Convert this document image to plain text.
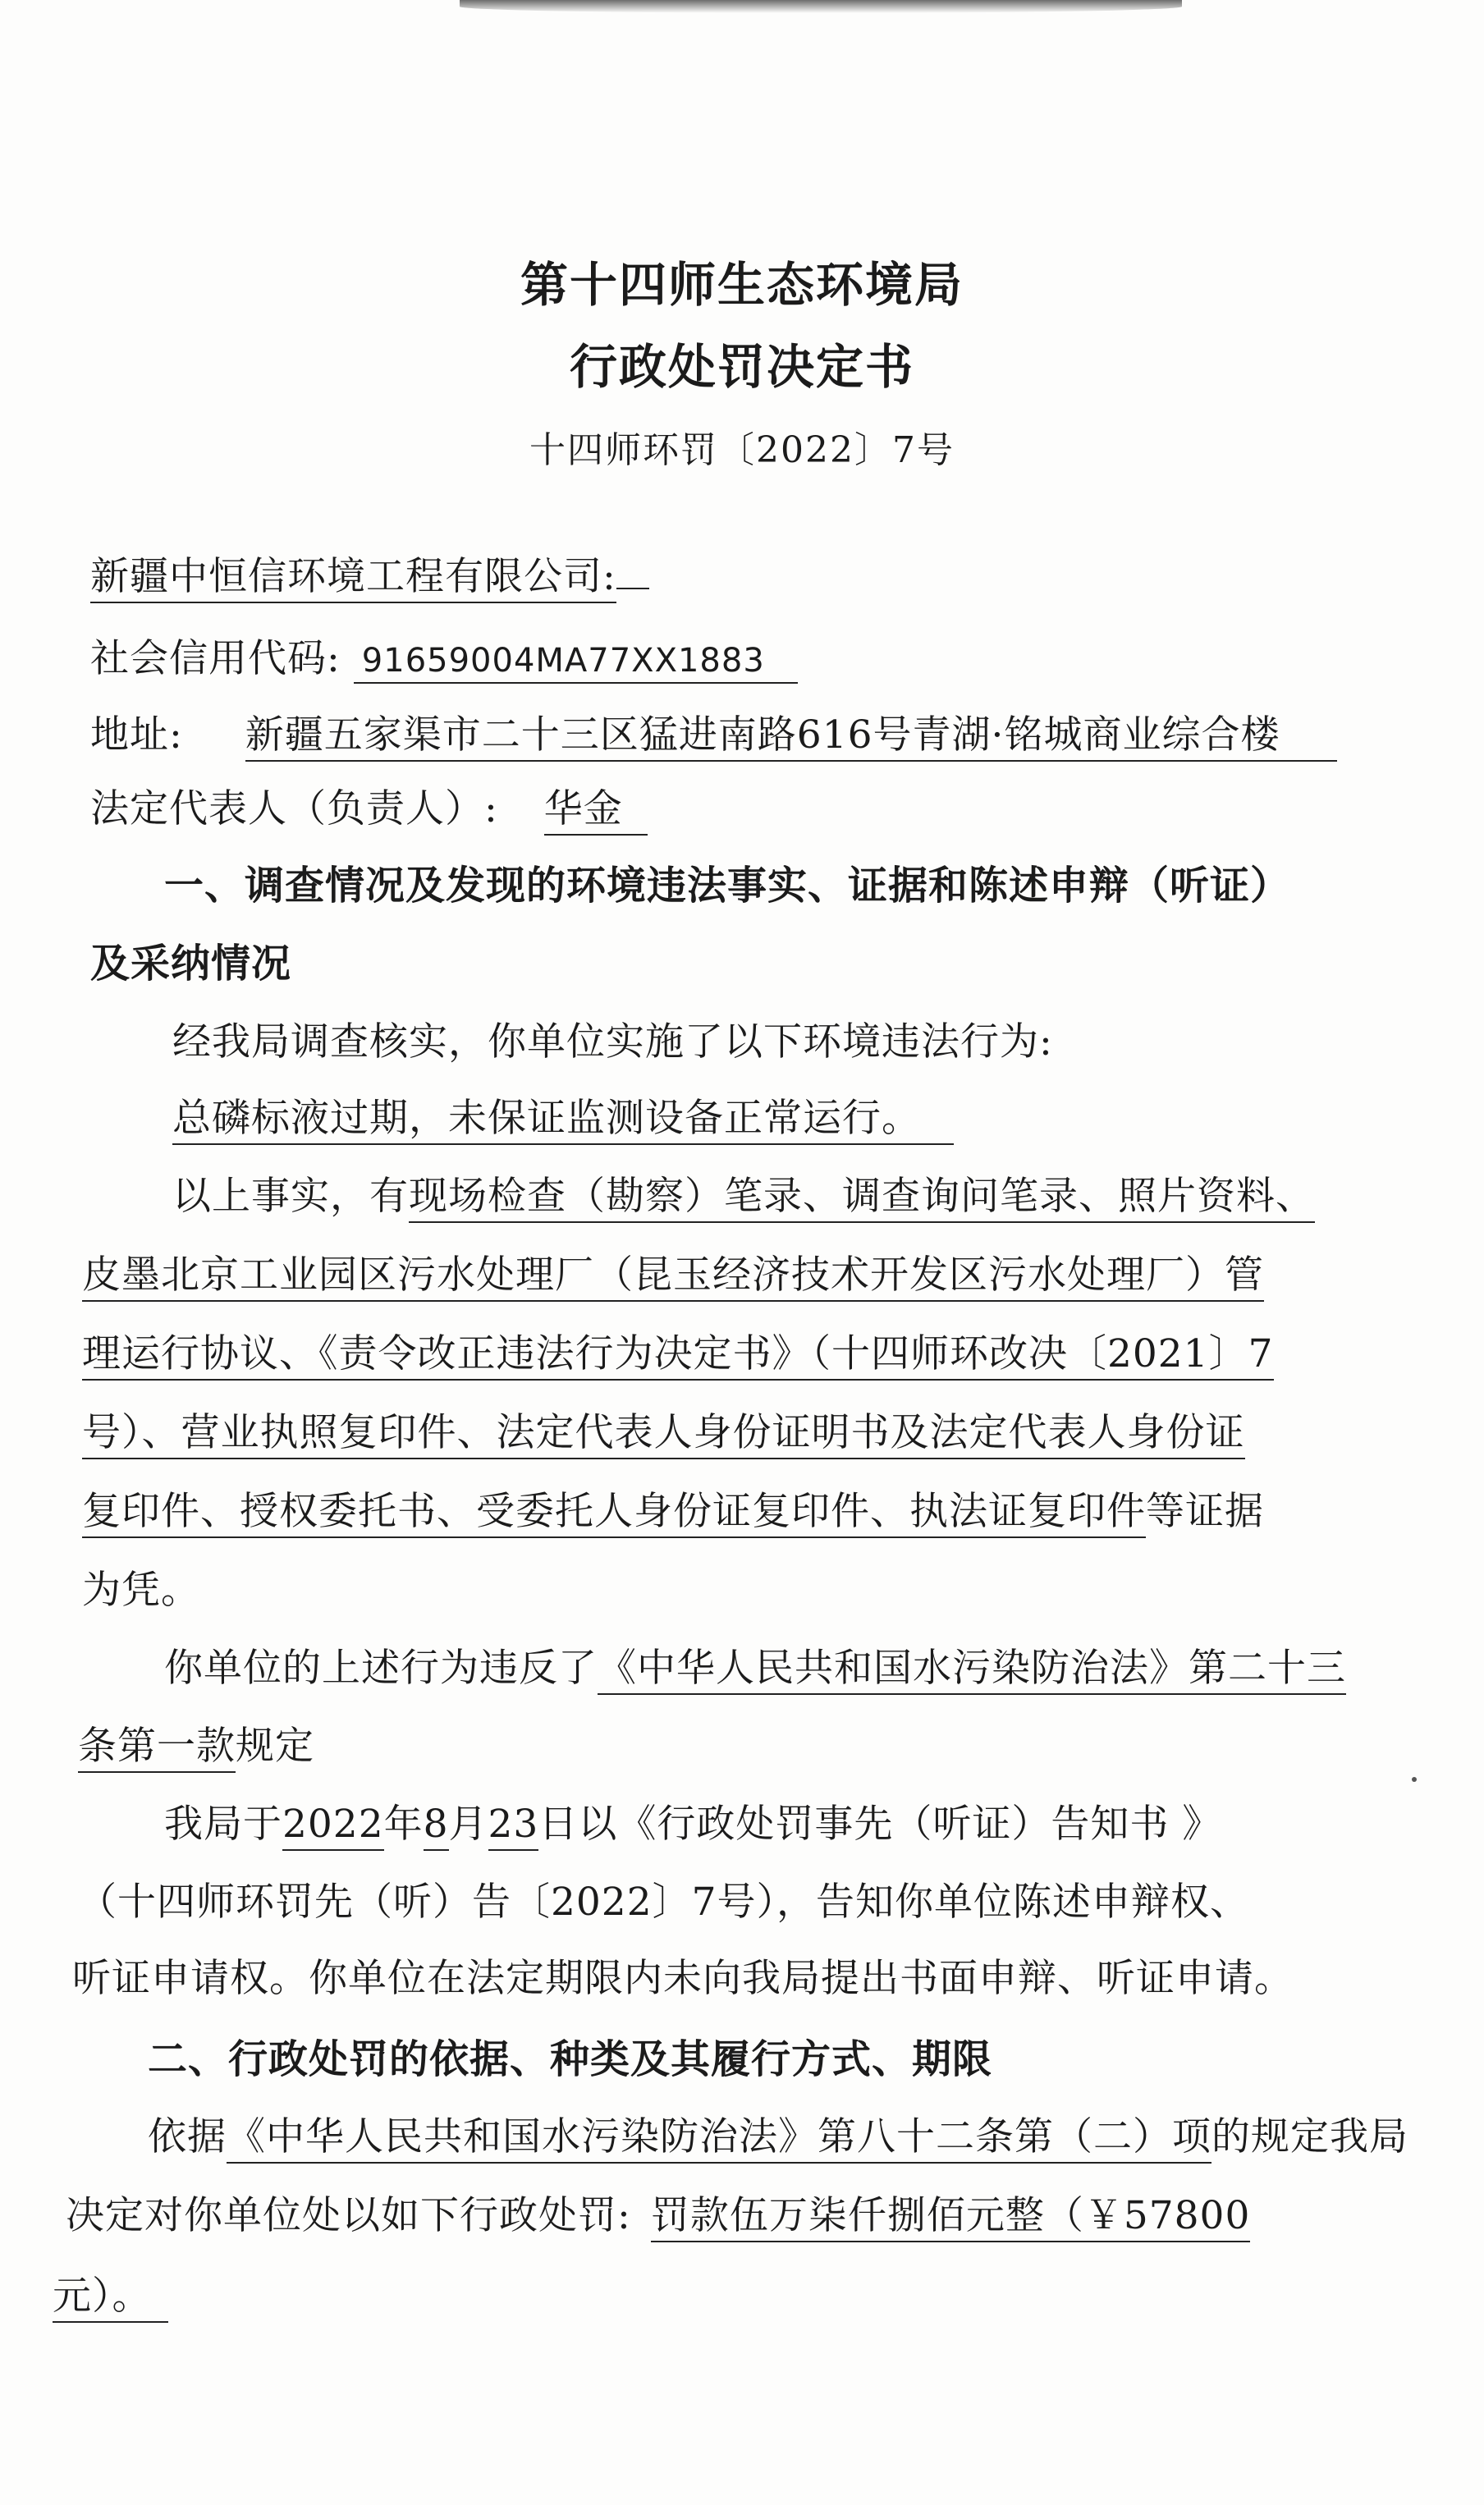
第十四师生态环境局
行政处罚决定书
十四师环罚〔2022〕7号
新疆中恒信环境工程有限公司:
社会信用代码: 91659004MA77XX1883
地址: 新疆五家渠市二十三区猛进南路616号青湖·铭城商业综合楼
法定代表人（负责人）: 华金
一、调查情况及发现的环境违法事实、证据和陈述申辩（听证）
及采纳情况
经我局调查核实，你单位实施了以下环境违法行为:
总磷标液过期，未保证监测设备正常运行。
以上事实，有现场检查（勘察）笔录、调查询问笔录、照片资料、
皮墨北京工业园区污水处理厂（昆玉经济技术开发区污水处理厂）管
理运行协议、《责令改正违法行为决定书》（十四师环改决〔2021〕7
号）、营业执照复印件、法定代表人身份证明书及法定代表人身份证
复印件、授权委托书、受委托人身份证复印件、执法证复印件等证据
为凭。
你单位的上述行为违反了《中华人民共和国水污染防治法》第二十三
条第一款规定
我局于2022年8月23日以《行政处罚事先（听证）告知书 》
（十四师环罚先（听）告〔2022〕7号），告知你单位陈述申辩权、
听证申请权。你单位在法定期限内未向我局提出书面申辩、听证申请。
二、行政处罚的依据、种类及其履行方式、期限
依据《中华人民共和国水污染防治法》第八十二条第（二）项的规定我局
决定对你单位处以如下行政处罚: 罚款伍万柒仟捌佰元整（￥57800
元）。
